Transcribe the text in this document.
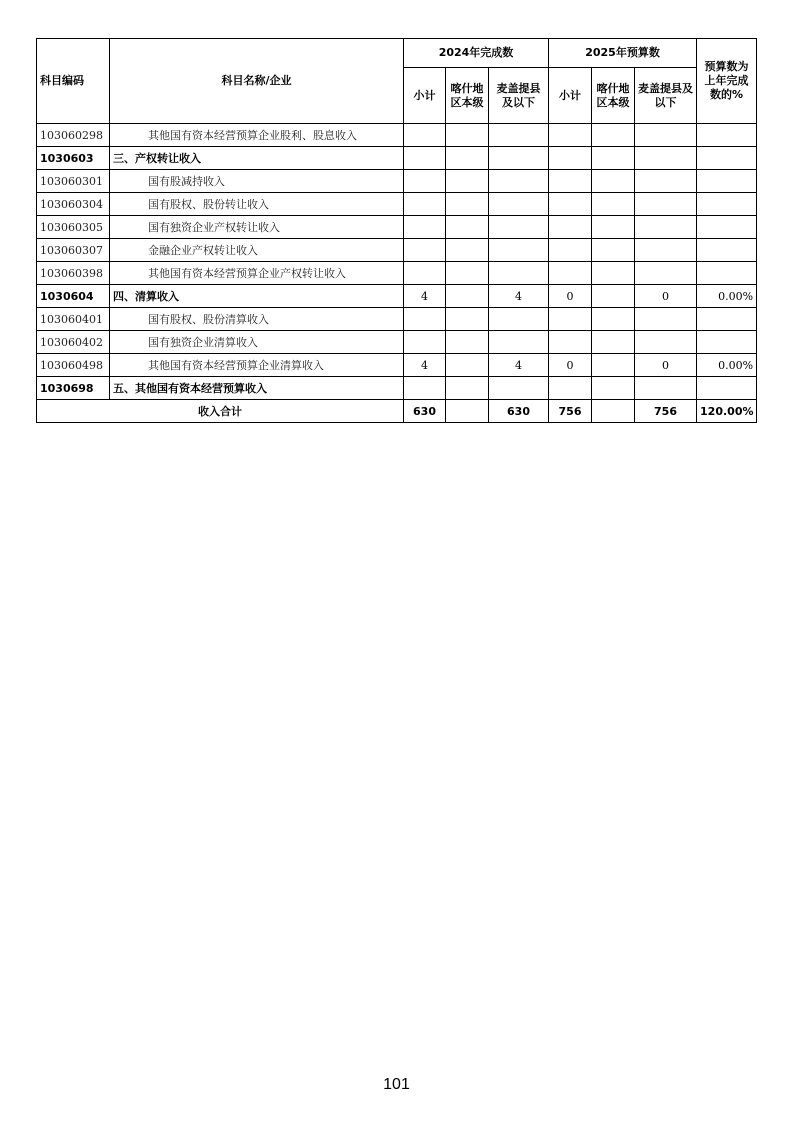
科目编码	科目名称/企业	2024年完成数			2025年预算数			预算数为上年完成数的%
		小计	喀什地区本级	麦盖提县及以下	小计	喀什地区本级	麦盖提县及以下	
103060298	其他国有资本经营预算企业股利、股息收入							
1030603	三、产权转让收入							
103060301	国有股减持收入							
103060304	国有股权、股份转让收入							
103060305	国有独资企业产权转让收入							
103060307	金融企业产权转让收入							
103060398	其他国有资本经营预算企业产权转让收入							
1030604	四、清算收入	4		4	0		0	0.00%
103060401	国有股权、股份清算收入							
103060402	国有独资企业清算收入							
103060498	其他国有资本经营预算企业清算收入	4		4	0		0	0.00%
1030698	五、其他国有资本经营预算收入							
收入合计		630		630	756		756	120.00%
101
